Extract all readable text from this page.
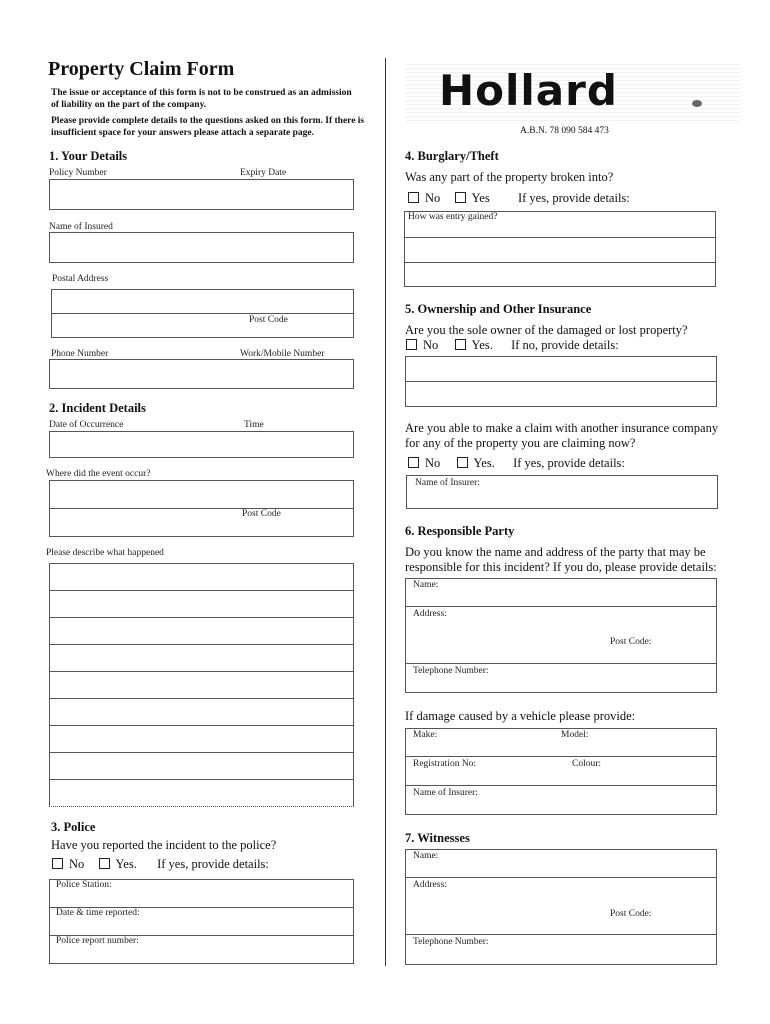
Property Claim Form
The issue or acceptance of this form is not to be construed as an admission of liability on the part of the company.
Please provide complete details to the questions asked on this form. If there is insufficient space for your answers please attach a separate page.
Hollard
A.B.N. 78 090 584 473
1. Your Details
Policy Number	Expiry Date
Name of Insured
Postal Address
Post Code
Phone Number	Work/Mobile Number
2. Incident Details
Date of Occurrence	Time
Where did the event occur?
Post Code
Please describe what happened
3. Police
Have you reported the incident to the police?
No	Yes. If yes, provide details:
Police Station:
Date & time reported:
Police report number:
4. Burglary/Theft
Was any part of the property broken into?
No	Yes If yes, provide details:
How was entry gained?
5. Ownership and Other Insurance
Are you the sole owner of the damaged or lost property?
No	Yes. If no, provide details:
Are you able to make a claim with another insurance company
for any of the property you are claiming now?
No	Yes. If yes, provide details:
Name of Insurer:
6. Responsible Party
Do you know the name and address of the party that may be
responsible for this incident? If you do, please provide details:
Name:
Address:
Post Code:
Telephone Number:
If damage caused by a vehicle please provide:
Make:	Model:
Registration No:	Colour:
Name of Insurer:
7. Witnesses
Name:
Address:
Post Code:
Telephone Number:
